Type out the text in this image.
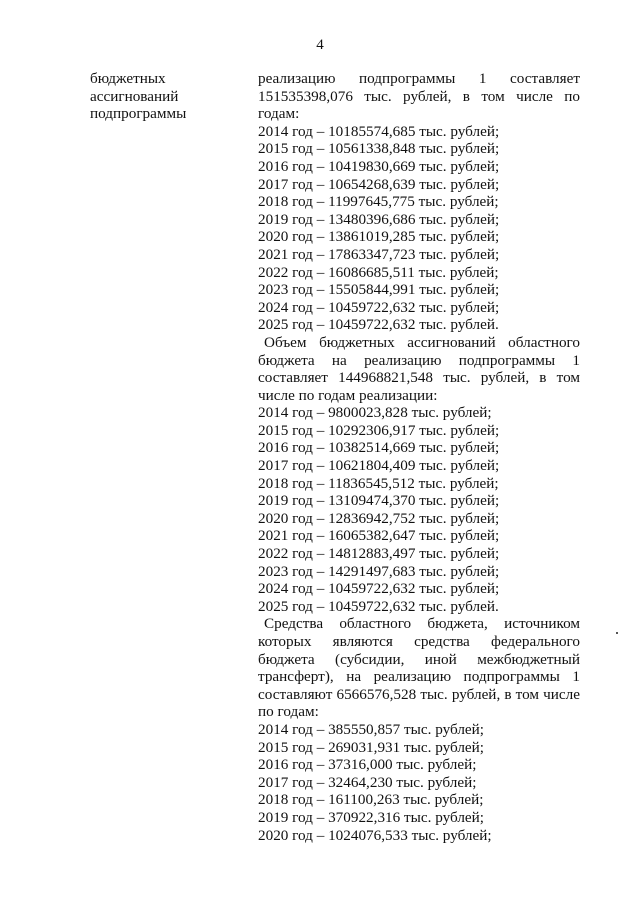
4
бюджетных
ассигнований
подпрограммы
реализацию подпрограммы 1 составляет
151535398,076 тыс. рублей, в том числе по
годам:
2014 год – 10185574,685 тыс. рублей;
2015 год – 10561338,848 тыс. рублей;
2016 год – 10419830,669 тыс. рублей;
2017 год – 10654268,639 тыс. рублей;
2018 год – 11997645,775 тыс. рублей;
2019 год – 13480396,686 тыс. рублей;
2020 год – 13861019,285 тыс. рублей;
2021 год – 17863347,723 тыс. рублей;
2022 год – 16086685,511 тыс. рублей;
2023 год – 15505844,991 тыс. рублей;
2024 год – 10459722,632 тыс. рублей;
2025 год – 10459722,632 тыс. рублей.
Объем бюджетных ассигнований областного
бюджета на реализацию подпрограммы 1
составляет 144968821,548 тыс. рублей, в том
числе по годам реализации:
2014 год – 9800023,828 тыс. рублей;
2015 год – 10292306,917 тыс. рублей;
2016 год – 10382514,669 тыс. рублей;
2017 год – 10621804,409 тыс. рублей;
2018 год – 11836545,512 тыс. рублей;
2019 год – 13109474,370 тыс. рублей;
2020 год – 12836942,752 тыс. рублей;
2021 год – 16065382,647 тыс. рублей;
2022 год – 14812883,497 тыс. рублей;
2023 год – 14291497,683 тыс. рублей;
2024 год – 10459722,632 тыс. рублей;
2025 год – 10459722,632 тыс. рублей.
Средства областного бюджета, источником
которых являются средства федерального
бюджета (субсидии, иной межбюджетный
трансферт), на реализацию подпрограммы 1
составляют 6566576,528 тыс. рублей, в том числе
по годам:
2014 год – 385550,857 тыс. рублей;
2015 год – 269031,931 тыс. рублей;
2016 год – 37316,000 тыс. рублей;
2017 год – 32464,230 тыс. рублей;
2018 год – 161100,263 тыс. рублей;
2019 год – 370922,316 тыс. рублей;
2020 год – 1024076,533 тыс. рублей;
